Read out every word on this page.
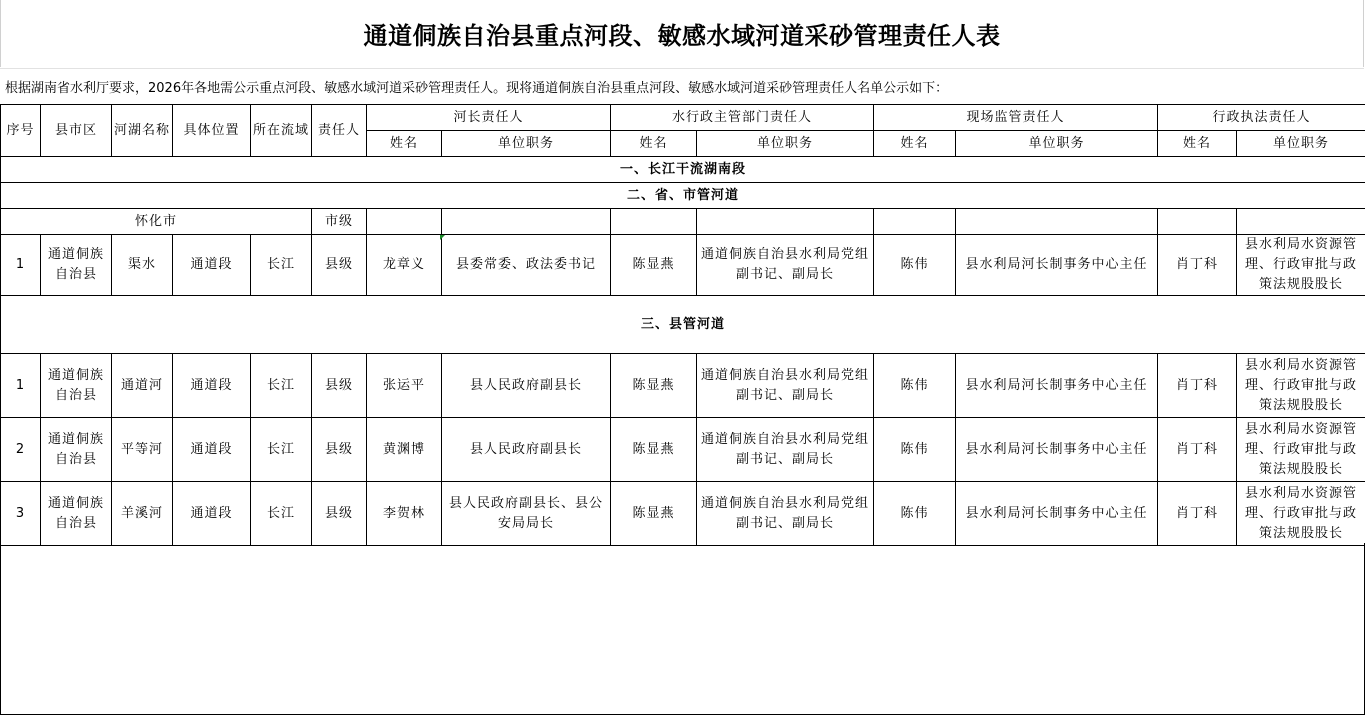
通道侗族自治县重点河段、敏感水域河道采砂管理责任人表
根据湖南省水利厅要求，2026年各地需公示重点河段、敏感水域河道采砂管理责任人。现将通道侗族自治县重点河段、敏感水域河道采砂管理责任人名单公示如下：
序号	县市区	河湖名称	具体位置	所在流域	责任人	河长责任人		水行政主管部门责任人		现场监管责任人		行政执法责任人	
						姓名	单位职务	姓名	单位职务	姓名	单位职务	姓名	单位职务
一、长江干流湖南段													
二、省、市管河道													
怀化市					市级								
1	通道侗族自治县	渠水	通道段	长江	县级	龙章义	县委常委、政法委书记	陈显燕	通道侗族自治县水利局党组副书记、副局长	陈伟	县水利局河长制事务中心主任	肖丁科	县水利局水资源管理、行政审批与政策法规股股长
三、县管河道													
1	通道侗族自治县	通道河	通道段	长江	县级	张运平	县人民政府副县长	陈显燕	通道侗族自治县水利局党组副书记、副局长	陈伟	县水利局河长制事务中心主任	肖丁科	县水利局水资源管理、行政审批与政策法规股股长
2	通道侗族自治县	平等河	通道段	长江	县级	黄渊博	县人民政府副县长	陈显燕	通道侗族自治县水利局党组副书记、副局长	陈伟	县水利局河长制事务中心主任	肖丁科	县水利局水资源管理、行政审批与政策法规股股长
3	通道侗族自治县	羊溪河	通道段	长江	县级	李贺林	县人民政府副县长、县公安局局长	陈显燕	通道侗族自治县水利局党组副书记、副局长	陈伟	县水利局河长制事务中心主任	肖丁科	县水利局水资源管理、行政审批与政策法规股股长
